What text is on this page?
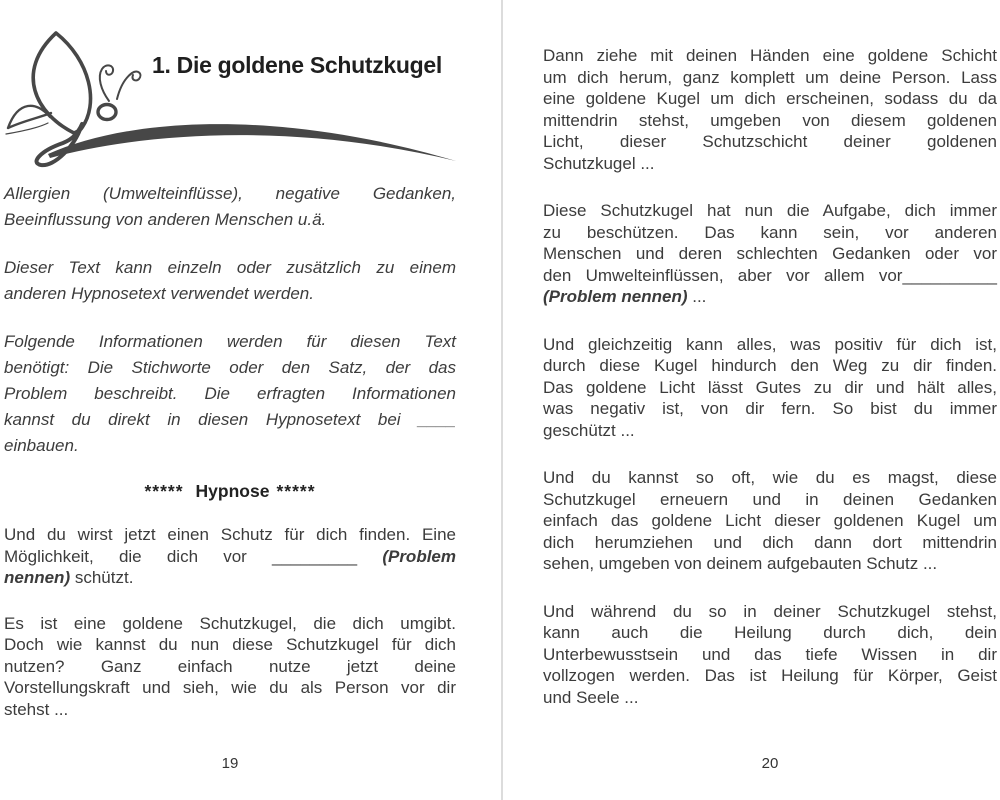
1. Die goldene Schutzkugel
Allergien (Umwelteinflüsse), negative Gedanken,
Beeinflussung von anderen Menschen u.ä.
Dieser Text kann einzeln oder zusätzlich zu einem
anderen Hypnosetext verwendet werden.
Folgende Informationen werden für diesen Text
benötigt: Die Stichworte oder den Satz, der das
Problem beschreibt. Die erfragten Informationen
kannst du direkt in diesen Hypnosetext bei ____
einbauen.
***** Hypnose *****
Und du wirst jetzt einen Schutz für dich finden. Eine
Möglichkeit, die dich vor _________ (Problem
nennen) schützt.
Es ist eine goldene Schutzkugel, die dich umgibt.
Doch wie kannst du nun diese Schutzkugel für dich
nutzen? Ganz einfach nutze jetzt deine
Vorstellungskraft und sieh, wie du als Person vor dir
stehst ...
19
Dann ziehe mit deinen Händen eine goldene Schicht
um dich herum, ganz komplett um deine Person. Lass
eine goldene Kugel um dich erscheinen, sodass du da
mittendrin stehst, umgeben von diesem goldenen
Licht, dieser Schutzschicht deiner goldenen
Schutzkugel ...
Diese Schutzkugel hat nun die Aufgabe, dich immer
zu beschützen. Das kann sein, vor anderen
Menschen und deren schlechten Gedanken oder vor
den Umwelteinflüssen, aber vor allem vor__________
(Problem nennen) ...
Und gleichzeitig kann alles, was positiv für dich ist,
durch diese Kugel hindurch den Weg zu dir finden.
Das goldene Licht lässt Gutes zu dir und hält alles,
was negativ ist, von dir fern. So bist du immer
geschützt ...
Und du kannst so oft, wie du es magst, diese
Schutzkugel erneuern und in deinen Gedanken
einfach das goldene Licht dieser goldenen Kugel um
dich herumziehen und dich dann dort mittendrin
sehen, umgeben von deinem aufgebauten Schutz ...
Und während du so in deiner Schutzkugel stehst,
kann auch die Heilung durch dich, dein
Unterbewusstsein und das tiefe Wissen in dir
vollzogen werden. Das ist Heilung für Körper, Geist
und Seele ...
20
